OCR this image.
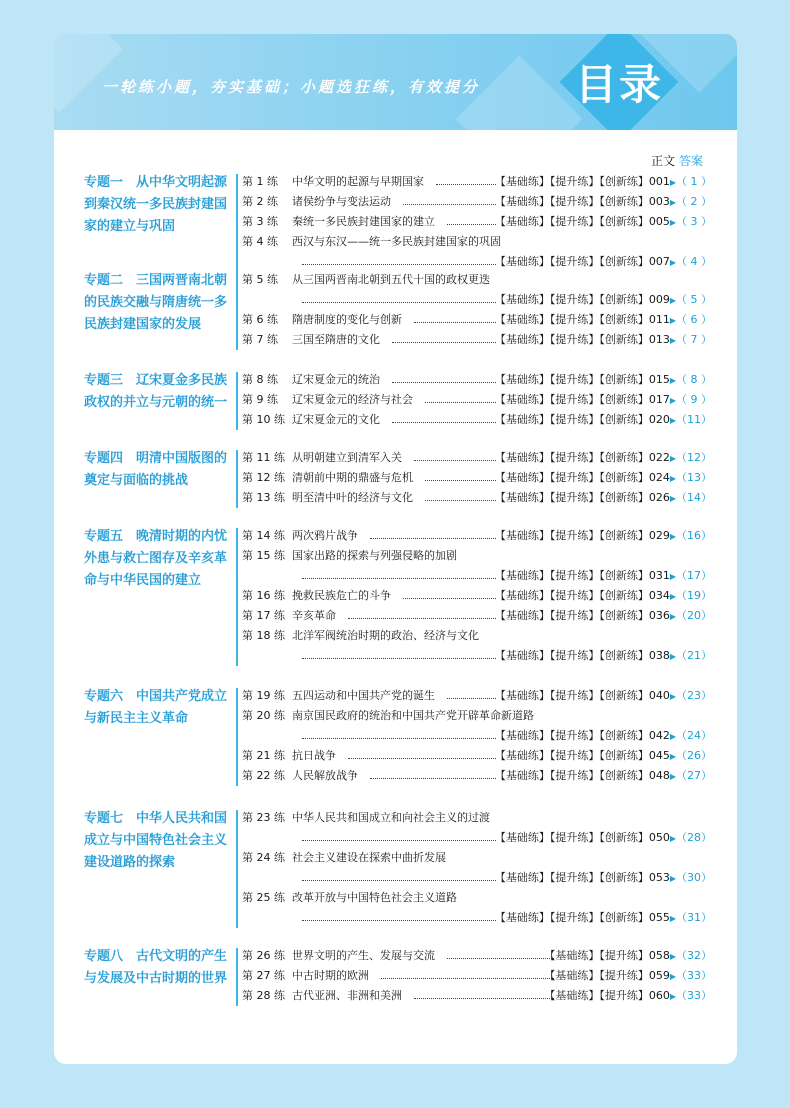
一轮练小题，夯实基础；小题选狂练，有效提分 目录
正文 答案
专题一　从中华文明起源到秦汉统一多民族封建国家的建立与巩固
第 1 练 中华文明的起源与早期国家	【基础练】【提升练】【创新练】001▶（ 1 ）
第 2 练 诸侯纷争与变法运动	【基础练】【提升练】【创新练】003▶（ 2 ）
第 3 练 秦统一多民族封建国家的建立	【基础练】【提升练】【创新练】005▶（ 3 ）
第 4 练 西汉与东汉——统一多民族封建国家的巩固
【基础练】【提升练】【创新练】007▶（ 4 ）
专题二　三国两晋南北朝的民族交融与隋唐统一多民族封建国家的发展
第 5 练 从三国两晋南北朝到五代十国的政权更迭
【基础练】【提升练】【创新练】009▶（ 5 ）
第 6 练 隋唐制度的变化与创新	【基础练】【提升练】【创新练】011▶（ 6 ）
第 7 练 三国至隋唐的文化	【基础练】【提升练】【创新练】013▶（ 7 ）
专题三　辽宋夏金多民族政权的并立与元朝的统一
第 8 练 辽宋夏金元的统治	【基础练】【提升练】【创新练】015▶（ 8 ）
第 9 练 辽宋夏金元的经济与社会	【基础练】【提升练】【创新练】017▶（ 9 ）
第 10 练 辽宋夏金元的文化	【基础练】【提升练】【创新练】020▶（11）
专题四　明清中国版图的奠定与面临的挑战
第 11 练 从明朝建立到清军入关	【基础练】【提升练】【创新练】022▶（12）
第 12 练 清朝前中期的鼎盛与危机	【基础练】【提升练】【创新练】024▶（13）
第 13 练 明至清中叶的经济与文化	【基础练】【提升练】【创新练】026▶（14）
专题五　晚清时期的内忧外患与救亡图存及辛亥革命与中华民国的建立
第 14 练 两次鸦片战争	【基础练】【提升练】【创新练】029▶（16）
第 15 练 国家出路的探索与列强侵略的加剧
【基础练】【提升练】【创新练】031▶（17）
第 16 练 挽救民族危亡的斗争	【基础练】【提升练】【创新练】034▶（19）
第 17 练 辛亥革命	【基础练】【提升练】【创新练】036▶（20）
第 18 练 北洋军阀统治时期的政治、经济与文化
【基础练】【提升练】【创新练】038▶（21）
专题六　中国共产党成立与新民主主义革命
第 19 练 五四运动和中国共产党的诞生	【基础练】【提升练】【创新练】040▶（23）
第 20 练 南京国民政府的统治和中国共产党开辟革命新道路
【基础练】【提升练】【创新练】042▶（24）
第 21 练 抗日战争	【基础练】【提升练】【创新练】045▶（26）
第 22 练 人民解放战争	【基础练】【提升练】【创新练】048▶（27）
专题七　中华人民共和国成立与中国特色社会主义建设道路的探索
第 23 练 中华人民共和国成立和向社会主义的过渡
【基础练】【提升练】【创新练】050▶（28）
第 24 练 社会主义建设在探索中曲折发展
【基础练】【提升练】【创新练】053▶（30）
第 25 练 改革开放与中国特色社会主义道路
【基础练】【提升练】【创新练】055▶（31）
专题八　古代文明的产生与发展及中古时期的世界
第 26 练 世界文明的产生、发展与交流	【基础练】【提升练】058▶（32）
第 27 练 中古时期的欧洲	【基础练】【提升练】059▶（33）
第 28 练 古代亚洲、非洲和美洲	【基础练】【提升练】060▶（33）
